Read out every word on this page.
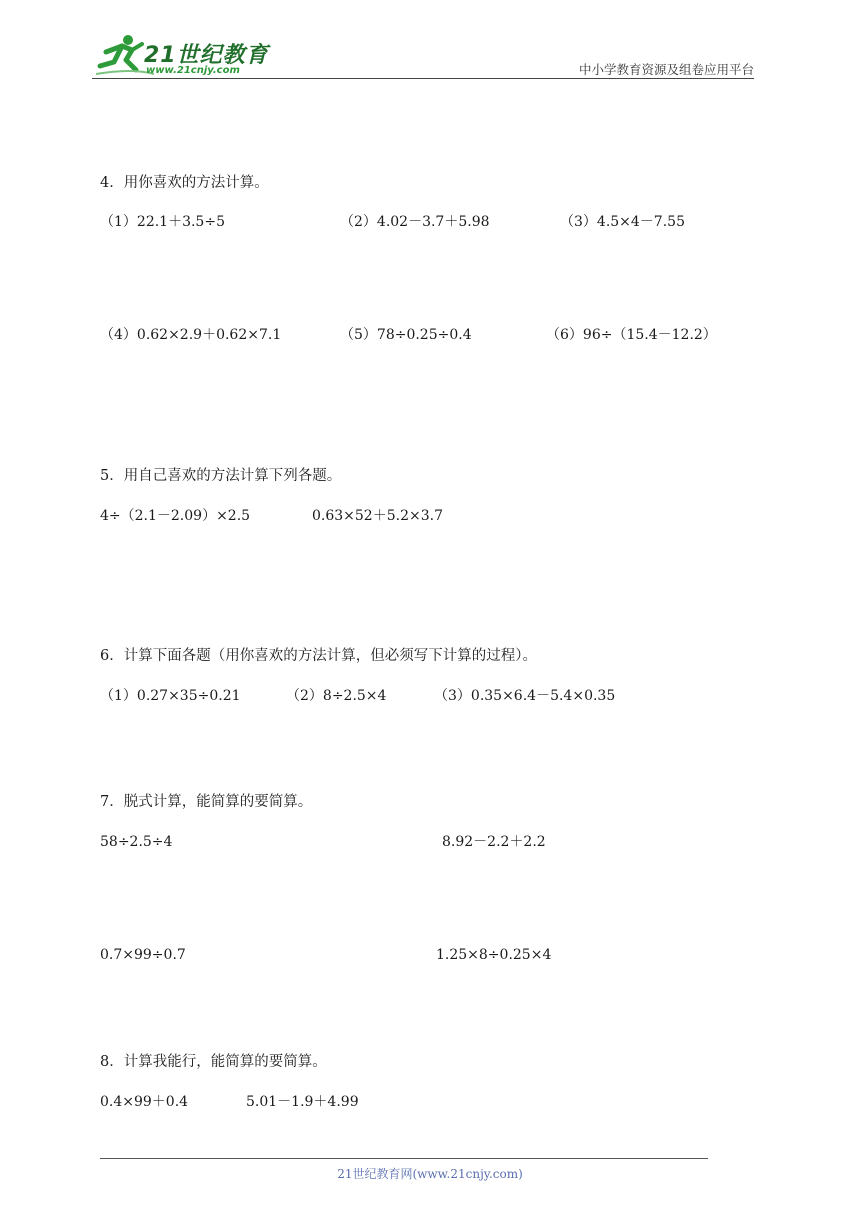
21世纪教育
www.21cnjy.com	中小学教育资源及组卷应用平台
4．用你喜欢的方法计算。
（1）22.1＋3.5÷5	（2）4.02－3.7＋5.98	（3）4.5×4－7.55
（4）0.62×2.9＋0.62×7.1	（5）78÷0.25÷0.4	（6）96÷（15.4－12.2）
5．用自己喜欢的方法计算下列各题。
4÷（2.1－2.09）×2.5	0.63×52＋5.2×3.7
6．计算下面各题（用你喜欢的方法计算，但必须写下计算的过程）。
（1）0.27×35÷0.21	（2）8÷2.5×4	（3）0.35×6.4－5.4×0.35
7．脱式计算，能简算的要简算。
58÷2.5÷4	8.92－2.2＋2.2
0.7×99÷0.7	1.25×8÷0.25×4
8．计算我能行，能简算的要简算。
0.4×99＋0.4	5.01－1.9＋4.99
21世纪教育网(www.21cnjy.com)
